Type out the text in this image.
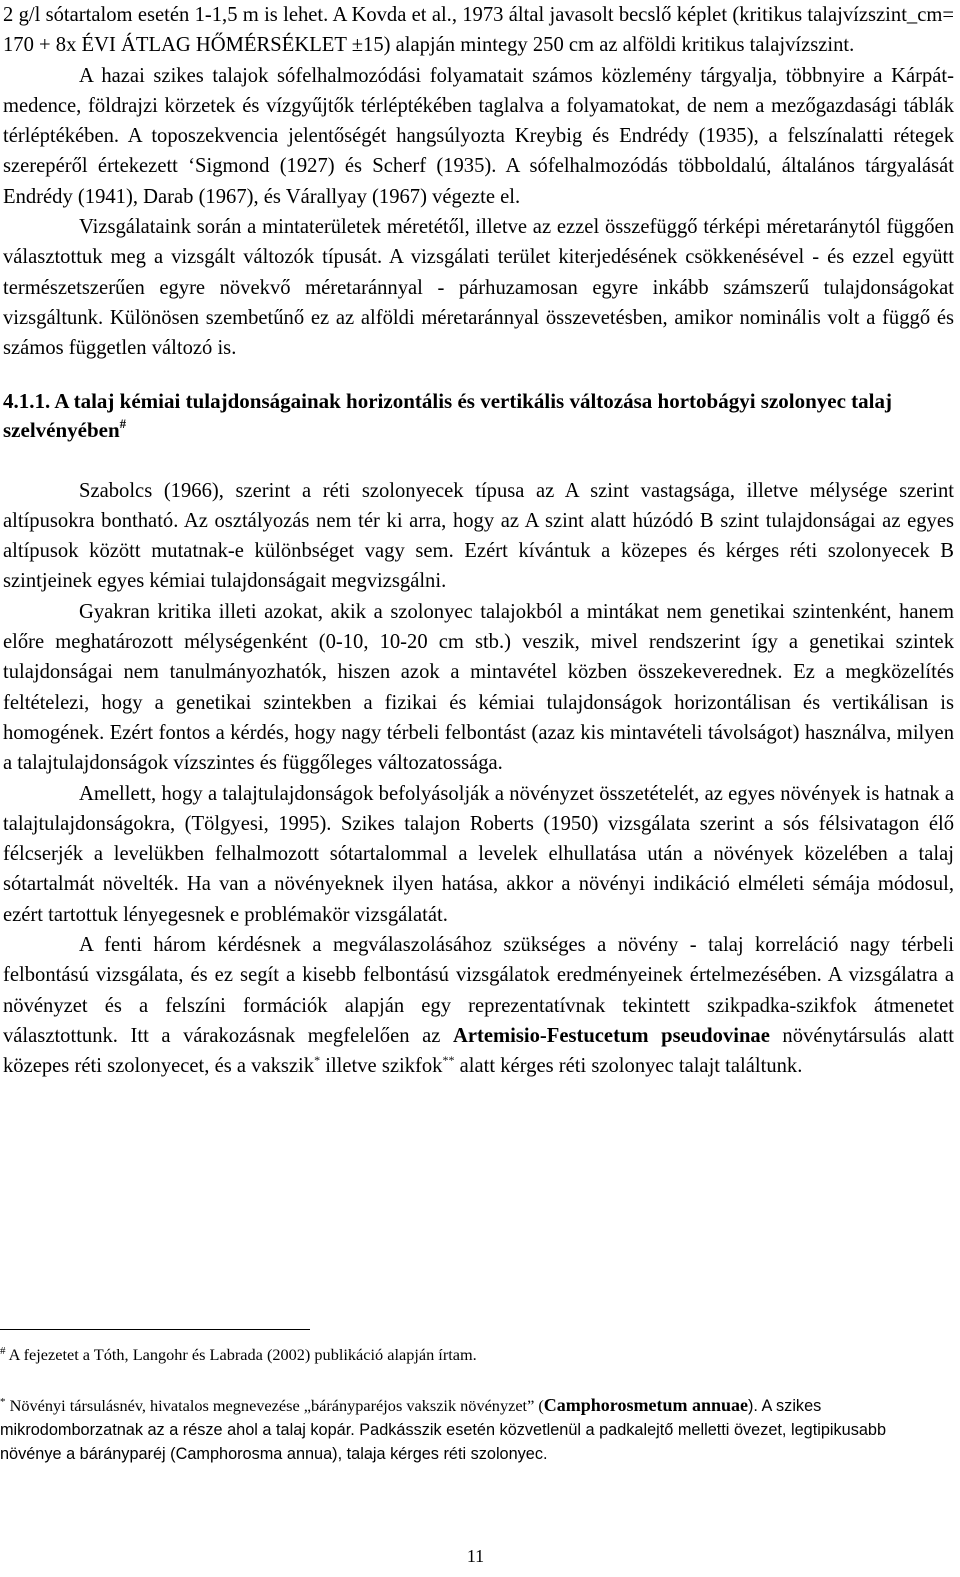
2 g/l sótartalom esetén 1-1,5 m is lehet. A Kovda et al., 1973 által javasolt becslő képlet (kritikus talajvízszint_cm= 170 + 8x ÉVI ÁTLAG HŐMÉRSÉKLET ±15) alapján mintegy 250 cm az alföldi kritikus talajvízszint.

A hazai szikes talajok sófelhalmozódási folyamatait számos közlemény tárgyalja, többnyire a Kárpát-medence, földrajzi körzetek és vízgyűjtők térléptékében taglalva a folyamatokat, de nem a mezőgazdasági táblák térléptékében. A toposzekvencia jelentőségét hangsúlyozta Kreybig és Endrédy (1935), a felszínalatti rétegek szerepéről értekezett ‘Sigmond (1927) és Scherf (1935). A sófelhalmozódás többoldalú, általános tárgyalását Endrédy (1941), Darab (1967), és Várallyay (1967) végezte el.

Vizsgálataink során a mintaterületek méretétől, illetve az ezzel összefüggő térképi méretaránytól függően választottuk meg a vizsgált változók típusát. A vizsgálati terület kiterjedésének csökkenésével - és ezzel együtt természetszerűen egyre növekvő méretaránnyal - párhuzamosan egyre inkább számszerű tulajdonságokat vizsgáltunk. Különösen szembetűnő ez az alföldi méretaránnyal összevetésben, amikor nominális volt a függő és számos független változó is.

4.1.1. A talaj kémiai tulajdonságainak horizontális és vertikális változása hortobágyi szolonyec talaj szelvényében#

Szabolcs (1966), szerint a réti szolonyecek típusa az A szint vastagsága, illetve mélysége szerint altípusokra bontható. Az osztályozás nem tér ki arra, hogy az A szint alatt húzódó B szint tulajdonságai az egyes altípusok között mutatnak-e különbséget vagy sem. Ezért kívántuk a közepes és kérges réti szolonyecek B szintjeinek egyes kémiai tulajdonságait megvizsgálni.

Gyakran kritika illeti azokat, akik a szolonyec talajokból a mintákat nem genetikai szintenként, hanem előre meghatározott mélységenként (0-10, 10-20 cm stb.) veszik, mivel rendszerint így a genetikai szintek tulajdonságai nem tanulmányozhatók, hiszen azok a mintavétel közben összekeverednek. Ez a megközelítés feltételezi, hogy a genetikai szintekben a fizikai és kémiai tulajdonságok horizontálisan és vertikálisan is homogének. Ezért fontos a kérdés, hogy nagy térbeli felbontást (azaz kis mintavételi távolságot) használva, milyen a talajtulajdonságok vízszintes és függőleges változatossága.

Amellett, hogy a talajtulajdonságok befolyásolják a növényzet összetételét, az egyes növények is hatnak a talajtulajdonságokra, (Tölgyesi, 1995). Szikes talajon Roberts (1950) vizsgálata szerint a sós félsivatagon élő félcserjék a levelükben felhalmozott sótartalommal a levelek elhullatása után a növények közelében a talaj sótartalmát növelték. Ha van a növényeknek ilyen hatása, akkor a növényi indikáció elméleti sémája módosul, ezért tartottuk lényegesnek e problémakör vizsgálatát.

A fenti három kérdésnek a megválaszolásához szükséges a növény - talaj korreláció nagy térbeli felbontású vizsgálata, és ez segít a kisebb felbontású vizsgálatok eredményeinek értelmezésében. A vizsgálatra a növényzet és a felszíni formációk alapján egy reprezentatívnak tekintett szikpadka-szikfok átmenetet választottunk. Itt a várakozásnak megfelelően az Artemisio-Festucetum pseudovinae növénytársulás alatt közepes réti szolonyecet, és a vakszik* illetve szikfok** alatt kérges réti szolonyec talajt találtunk.

# A fejezetet a Tóth, Langohr és Labrada (2002) publikáció alapján írtam.
* Növényi társulásnév, hivatalos megnevezése „bárányparéjos vakszik növényzet” (Camphorosmetum annuae). A szikes mikrodomborzatnak az a része ahol a talaj kopár. Padkásszik esetén közvetlenül a padkalejtő melletti övezet, legtipikusabb növénye a bárányparéj (Camphorosma annua), talaja kérges réti szolonyec.
11
